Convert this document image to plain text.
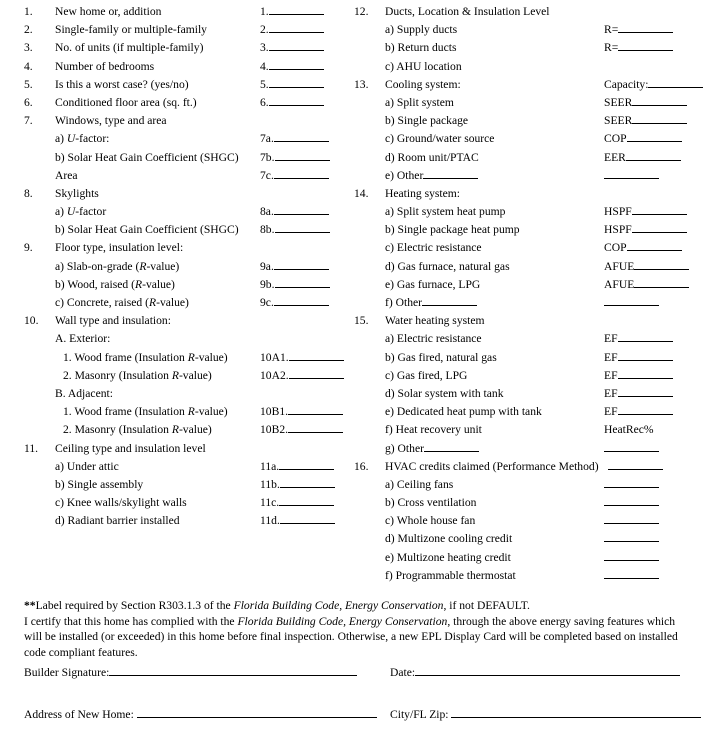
1.	New home or, addition	1.
2.	Single-family or multiple-family	2.
3.	No. of units (if multiple-family)	3.
4.	Number of bedrooms	4.
5.	Is this a worst case? (yes/no)	5.
6.	Conditioned floor area (sq. ft.)	6.
7.	Windows, type and area
a) U-factor:	7a.
b) Solar Heat Gain Coefficient (SHGC) 7b.
Area	7c.
8.	Skylights
a) U-factor	8a.
b) Solar Heat Gain Coefficient (SHGC) 8b.
9.	Floor type, insulation level:
a) Slab-on-grade (R-value)	9a.
b) Wood, raised (R-value)	9b.
c) Concrete, raised (R-value)	9c.
10.	Wall type and insulation:
A. Exterior:
1. Wood frame (Insulation R-value)	10A1.
2. Masonry (Insulation R-value)	10A2.
B. Adjacent:
1. Wood frame (Insulation R-value)	10B1.
2. Masonry (Insulation R-value)	10B2.
11.	Ceiling type and insulation level
a) Under attic	11a.
b) Single assembly	11b.
c) Knee walls/skylight walls	11c.
d) Radiant barrier installed	11d.
12.	Ducts, Location & Insulation Level
a) Supply ducts	R=
b) Return ducts	R=
c) AHU location
13.	Cooling system:	Capacity:
a) Split system	SEER
b) Single package	SEER
c) Ground/water source	COP
d) Room unit/PTAC	EER
e) Other
14.	Heating system:
a) Split system heat pump	HSPF
b) Single package heat pump	HSPF
c) Electric resistance	COP
d) Gas furnace, natural gas	AFUE
e) Gas furnace, LPG	AFUE
f) Other
15.	Water heating system
a) Electric resistance	EF
b) Gas fired, natural gas	EF
c) Gas fired, LPG	EF
d) Solar system with tank	EF
e) Dedicated heat pump with tank	EF
f) Heat recovery unit	HeatRec%
g) Other
16.	HVAC credits claimed (Performance Method)
a) Ceiling fans
b) Cross ventilation
c) Whole house fan
d) Multizone cooling credit
e) Multizone heating credit
f) Programmable thermostat
**Label required by Section R303.1.3 of the Florida Building Code, Energy Conservation, if not DEFAULT.
I certify that this home has complied with the Florida Building Code, Energy Conservation, through the above energy saving features which will be installed (or exceeded) in this home before final inspection. Otherwise, a new EPL Display Card will be completed based on installed code compliant features.
Builder Signature:	Date:
Address of New Home:	City/FL Zip:
